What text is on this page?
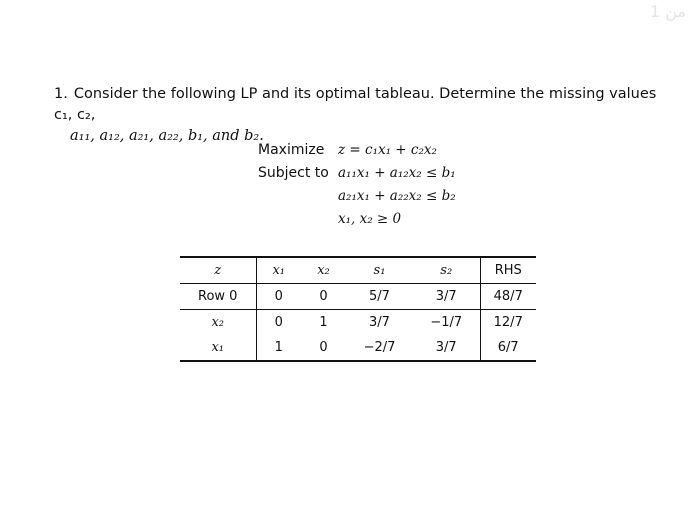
من 1
1. Consider the following LP and its optimal tableau. Determine the missing values c₁, c₂,
a₁₁, a₁₂, a₂₁, a₂₂, b₁, and b₂.
Maximize	z = c₁x₁ + c₂x₂
Subject to a₁₁x₁ + a₁₂x₂ ≤ b₁
a₂₁x₁ + a₂₂x₂ ≤ b₂
x₁, x₂ ≥ 0
z	x₁	x₂	s₁	s₂	RHS
Row 0	0	0	5/7	3/7	48/7
x₂	0	1	3/7	−1/7	12/7
x₁	1	0	−2/7	3/7	6/7
